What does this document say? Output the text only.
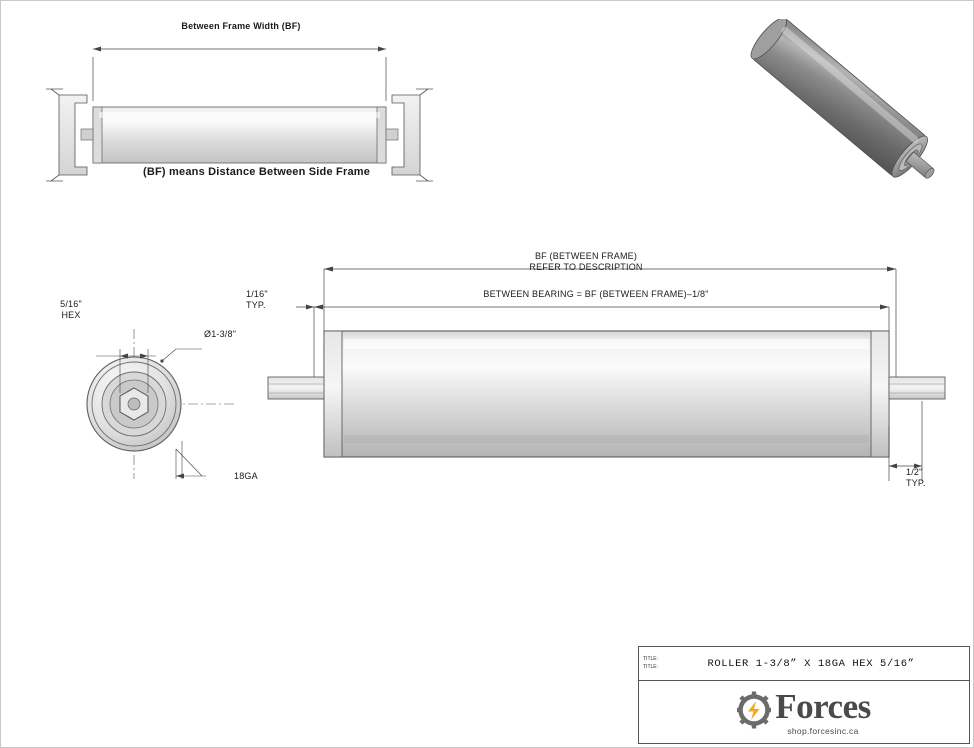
Between Frame Width (BF)
(BF) means Distance Between Side Frame
5/16"
HEX
Ø1-3/8"
18GA
BF (BETWEEN FRAME)
REFER TO DESCRIPTION
BETWEEN BEARING = BF (BETWEEN FRAME)–1/8"
1/16"
TYP.
1/2"
TYP.
TITLE:
TITLE:	ROLLER 1-3/8” X 18GA HEX 5/16”
Forces
shop.forcesinc.ca
